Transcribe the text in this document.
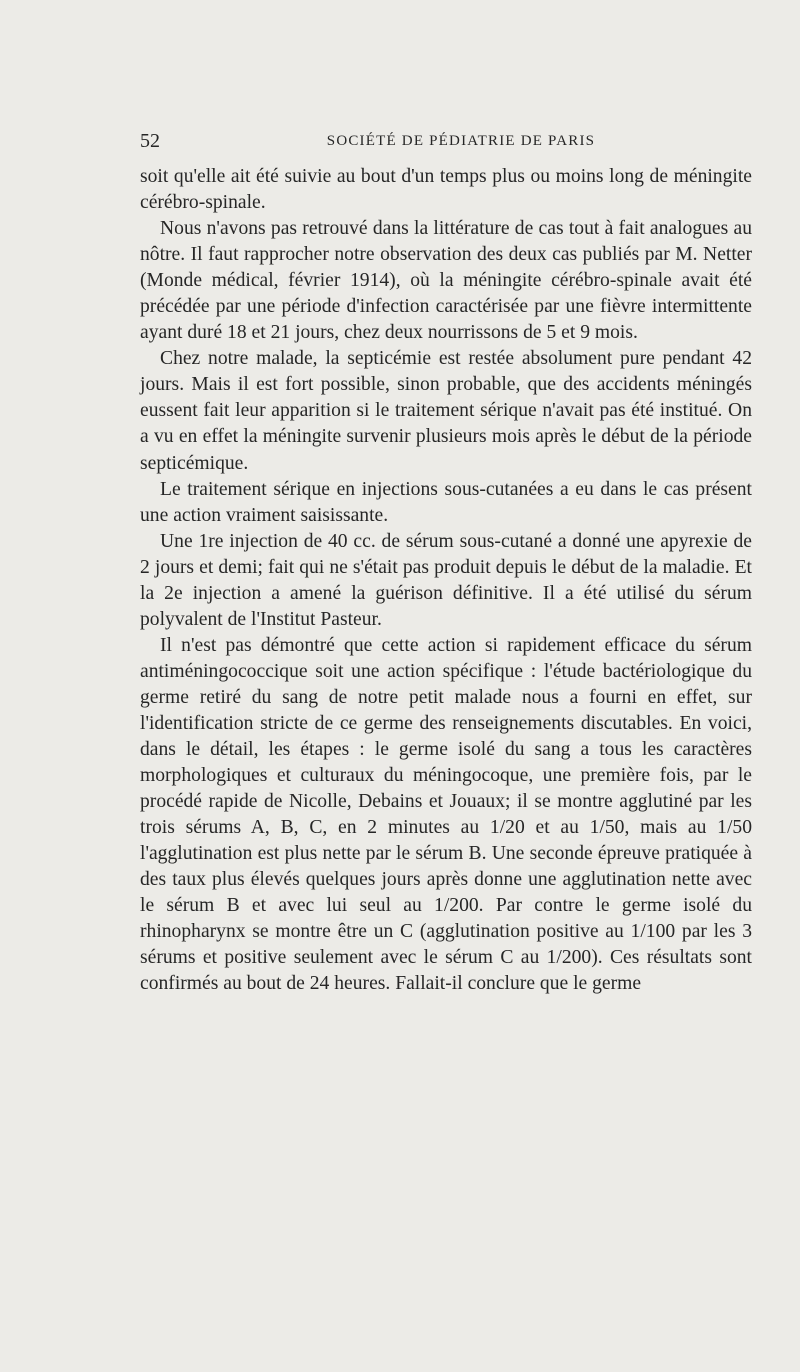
52	SOCIÉTÉ DE PÉDIATRIE DE PARIS

soit qu'elle ait été suivie au bout d'un temps plus ou moins long de méningite cérébro-spinale.

Nous n'avons pas retrouvé dans la littérature de cas tout à fait analogues au nôtre. Il faut rapprocher notre observation des deux cas publiés par M. Netter (Monde médical, février 1914), où la méningite cérébro-spinale avait été précédée par une période d'infection caractérisée par une fièvre intermittente ayant duré 18 et 21 jours, chez deux nourrissons de 5 et 9 mois.

Chez notre malade, la septicémie est restée absolument pure pendant 42 jours. Mais il est fort possible, sinon probable, que des accidents méningés eussent fait leur apparition si le traitement sérique n'avait pas été institué. On a vu en effet la méningite survenir plusieurs mois après le début de la période septicémique.

Le traitement sérique en injections sous-cutanées a eu dans le cas présent une action vraiment saisissante.

Une 1re injection de 40 cc. de sérum sous-cutané a donné une apyrexie de 2 jours et demi; fait qui ne s'était pas produit depuis le début de la maladie. Et la 2e injection a amené la guérison définitive. Il a été utilisé du sérum polyvalent de l'Institut Pasteur.

Il n'est pas démontré que cette action si rapidement efficace du sérum antiméningococcique soit une action spécifique : l'étude bactériologique du germe retiré du sang de notre petit malade nous a fourni en effet, sur l'identification stricte de ce germe des renseignements discutables. En voici, dans le détail, les étapes : le germe isolé du sang a tous les caractères morphologiques et culturaux du méningocoque, une première fois, par le procédé rapide de Nicolle, Debains et Jouaux; il se montre agglutiné par les trois sérums A, B, C, en 2 minutes au 1/20 et au 1/50, mais au 1/50 l'agglutination est plus nette par le sérum B. Une seconde épreuve pratiquée à des taux plus élevés quelques jours après donne une agglutination nette avec le sérum B et avec lui seul au 1/200. Par contre le germe isolé du rhinopharynx se montre être un C (agglutination positive au 1/100 par les 3 sérums et positive seulement avec le sérum C au 1/200). Ces résultats sont confirmés au bout de 24 heures. Fallait-il conclure que le germe
